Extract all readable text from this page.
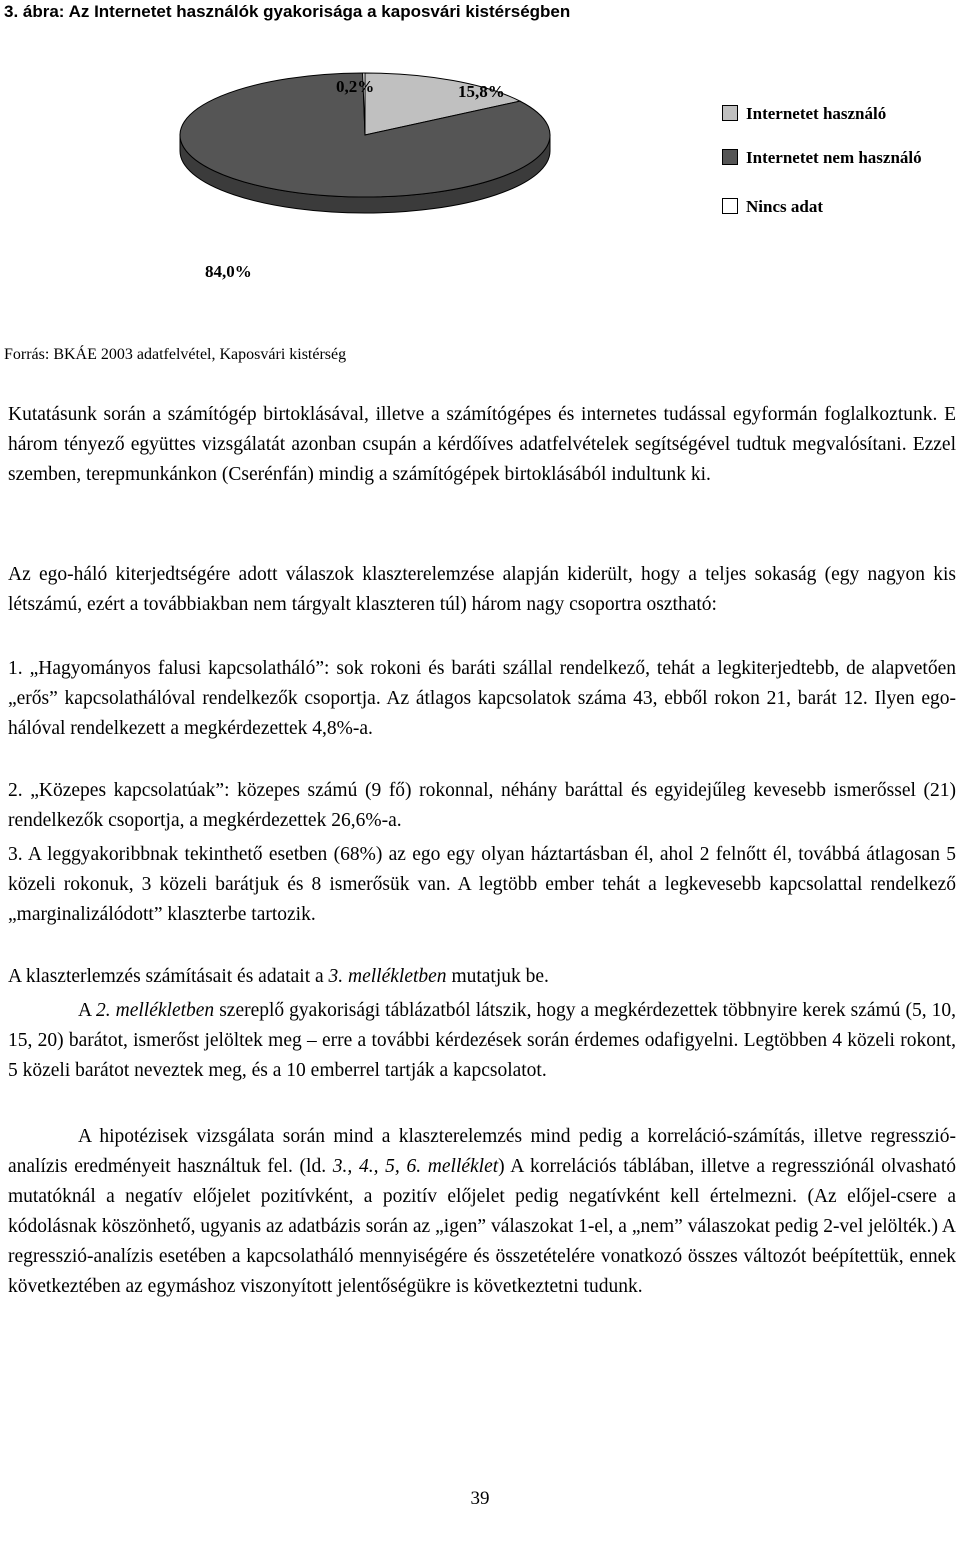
3. ábra: Az Internetet használók gyakorisága a kaposvári kistérségben
15,8%
84,0%
0,2%
Internetet használó
Internetet nem használó
Nincs adat
Forrás: BKÁE 2003 adatfelvétel, Kaposvári kistérség

Kutatásunk során a számítógép birtoklásával, illetve a számítógépes és internetes tudással egyformán foglalkoztunk. E három tényező együttes vizsgálatát azonban csupán a kérdőíves adatfelvételek segítségével tudtuk megvalósítani. Ezzel szemben, terepmunkánkon (Cserénfán) mindig a számítógépek birtoklásából indultunk ki.

Az ego-háló kiterjedtségére adott válaszok klaszterelemzése alapján kiderült, hogy a teljes sokaság (egy nagyon kis létszámú, ezért a továbbiakban nem tárgyalt klaszteren túl) három nagy csoportra osztható:

1. „Hagyományos falusi kapcsolatháló”: sok rokoni és baráti szállal rendelkező, tehát a legkiterjedtebb, de alapvetően „erős” kapcsolathálóval rendelkezők csoportja. Az átlagos kapcsolatok száma 43, ebből rokon 21, barát 12. Ilyen ego-hálóval rendelkezett a megkérdezettek 4,8%-a.

2. „Közepes kapcsolatúak”: közepes számú (9 fő) rokonnal, néhány baráttal és egyidejűleg kevesebb ismerőssel (21) rendelkezők csoportja, a megkérdezettek 26,6%-a.

3. A leggyakoribbnak tekinthető esetben (68%) az ego egy olyan háztartásban él, ahol 2 felnőtt él, továbbá átlagosan 5 közeli rokonuk, 3 közeli barátjuk és 8 ismerősük van. A legtöbb ember tehát a legkevesebb kapcsolattal rendelkező „marginalizálódott” klaszterbe tartozik.

A klaszterlemzés számításait és adatait a 3. mellékletben mutatjuk be.

A 2. mellékletben szereplő gyakorisági táblázatból látszik, hogy a megkérdezettek többnyire kerek számú (5, 10, 15, 20) barátot, ismerőst jelöltek meg – erre a további kérdezések során érdemes odafigyelni. Legtöbben 4 közeli rokont, 5 közeli barátot neveztek meg, és a 10 emberrel tartják a kapcsolatot.

A hipotézisek vizsgálata során mind a klaszterelemzés mind pedig a korreláció-számítás, illetve regresszió-analízis eredményeit használtuk fel. (ld. 3., 4., 5, 6. melléklet) A korrelációs táblában, illetve a regressziónál olvasható mutatóknál a negatív előjelet pozitívként, a pozitív előjelet pedig negatívként kell értelmezni. (Az előjel-csere a kódolásnak köszönhető, ugyanis az adatbázis során az „igen” válaszokat 1-el, a „nem” válaszokat pedig 2-vel jelölték.) A regresszió-analízis esetében a kapcsolatháló mennyiségére és összetételére vonatkozó összes változót beépítettük, ennek következtében az egymáshoz viszonyított jelentőségükre is következtetni tudunk.

39
